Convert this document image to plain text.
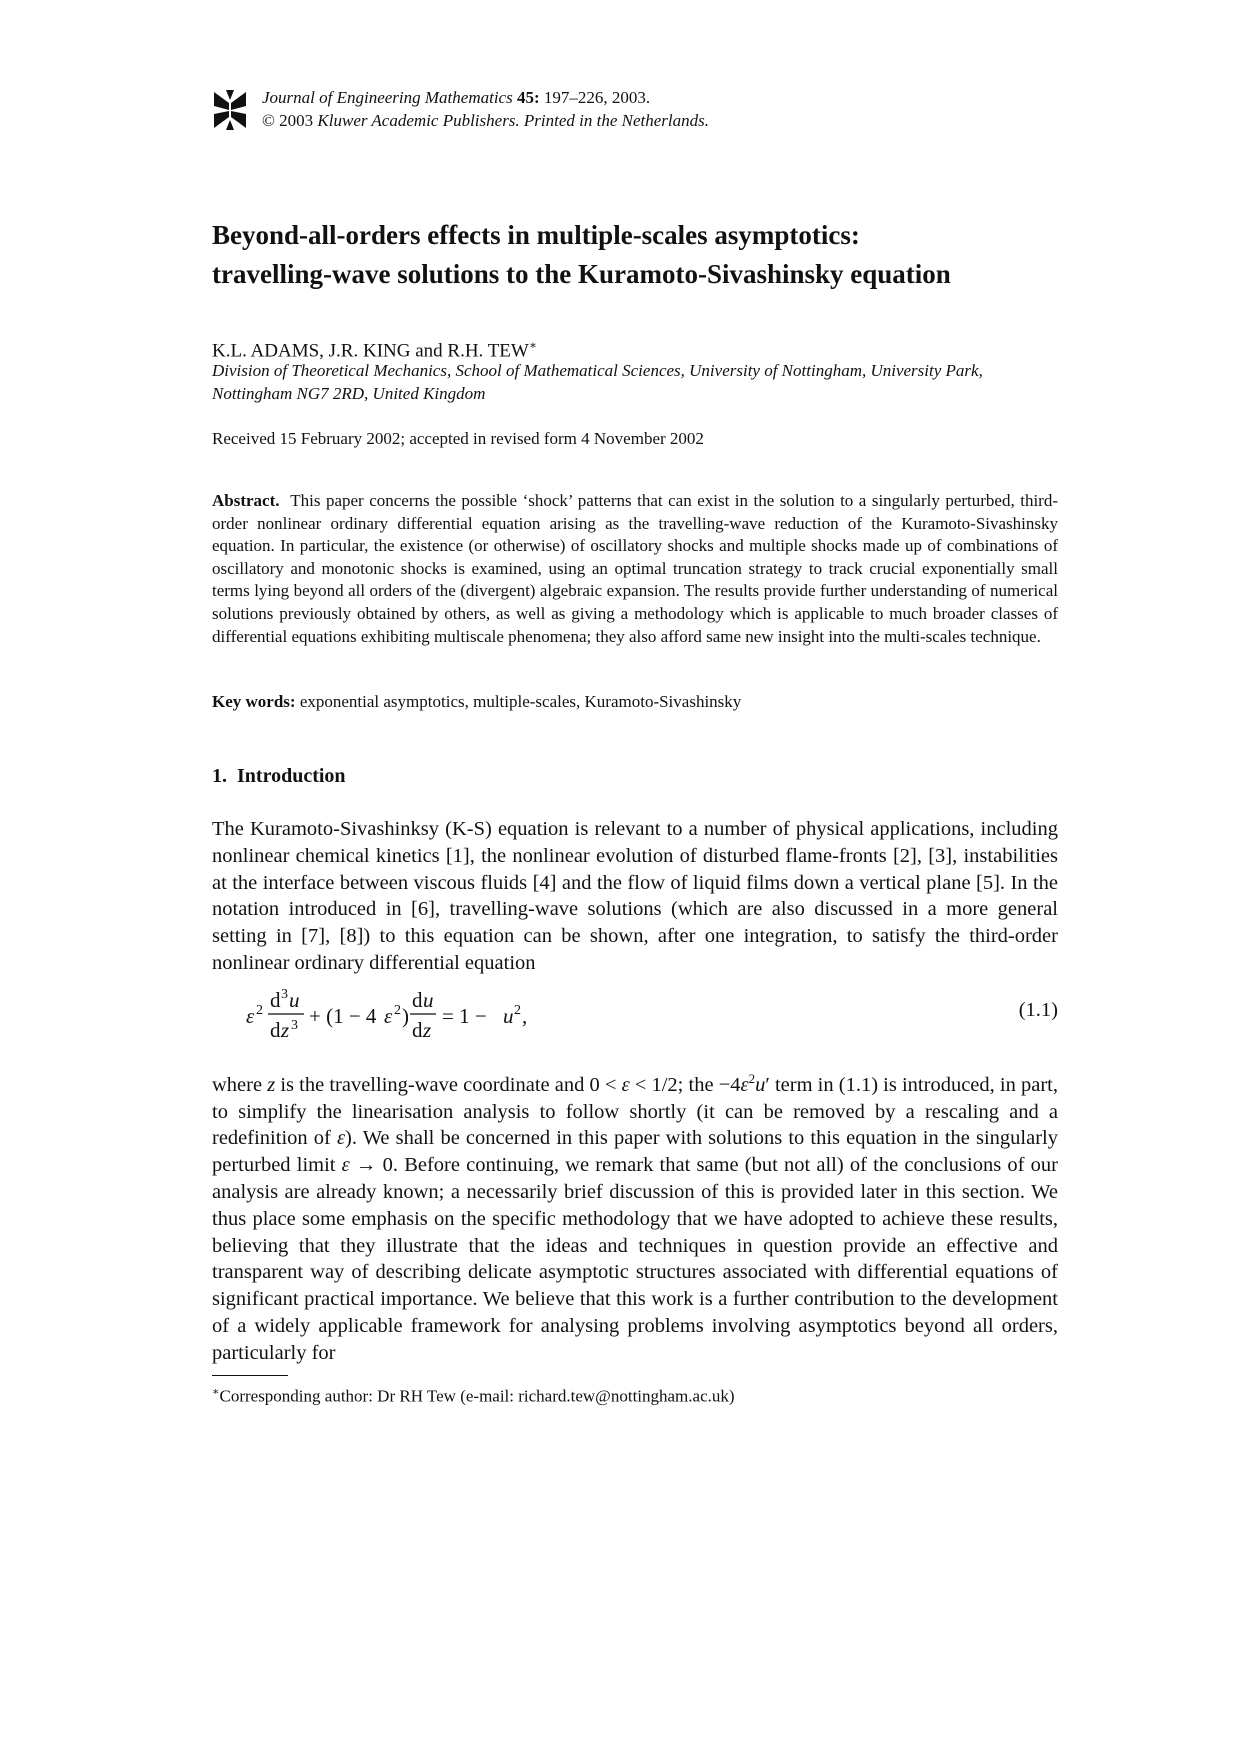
Journal of Engineering Mathematics 45: 197–226, 2003.
© 2003 Kluwer Academic Publishers. Printed in the Netherlands.
Beyond-all-orders effects in multiple-scales asymptotics:
travelling-wave solutions to the Kuramoto-Sivashinsky equation
K.L. ADAMS, J.R. KING and R.H. TEW∗
Division of Theoretical Mechanics, School of Mathematical Sciences, University of Nottingham, University Park, Nottingham NG7 2RD, United Kingdom
Received 15 February 2002; accepted in revised form 4 November 2002
Abstract. This paper concerns the possible ‘shock’ patterns that can exist in the solution to a singularly perturbed, third-order nonlinear ordinary differential equation arising as the travelling-wave reduction of the Kuramoto-Sivashinsky equation. In particular, the existence (or otherwise) of oscillatory shocks and multiple shocks made up of combinations of oscillatory and monotonic shocks is examined, using an optimal truncation strategy to track crucial exponentially small terms lying beyond all orders of the (divergent) algebraic expansion. The results provide further understanding of numerical solutions previously obtained by others, as well as giving a methodology which is applicable to much broader classes of differential equations exhibiting multiscale phenomena; they also afford same new insight into the multi-scales technique.
Key words: exponential asymptotics, multiple-scales, Kuramoto-Sivashinsky
1. Introduction
The Kuramoto-Sivashinksy (K-S) equation is relevant to a number of physical applications, including nonlinear chemical kinetics [1], the nonlinear evolution of disturbed flame-fronts [2], [3], instabilities at the interface between viscous fluids [4] and the flow of liquid films down a vertical plane [5]. In the notation introduced in [6], travelling-wave solutions (which are also discussed in a more general setting in [7], [8]) to this equation can be shown, after one integration, to satisfy the third-order nonlinear ordinary differential equation
ε 2 d 3 u
d z 3 + (1 − 4 ε 2 )
d u
d z
= 1 − u 2 ,	(1.1)
where z is the travelling-wave coordinate and 0 < ε < 1/2; the $-4\varepsilon^2u'$ term in (1.1) is introduced, in part, to simplify the linearisation analysis to follow shortly (it can be removed by a rescaling and a redefinition of ε). We shall be concerned in this paper with solutions to this equation in the singularly perturbed limit ε → 0. Before continuing, we remark that same (but not all) of the conclusions of our analysis are already known; a necessarily brief discussion of this is provided later in this section. We thus place some emphasis on the specific methodology that we have adopted to achieve these results, believing that they illustrate that the ideas and techniques in question provide an effective and transparent way of describing delicate asymptotic structures associated with differential equations of significant practical importance. We believe that this work is a further contribution to the development of a widely applicable framework for analysing problems involving asymptotics beyond all orders, particularly for
∗Corresponding author: Dr RH Tew (e-mail: richard.tew@nottingham.ac.uk)
